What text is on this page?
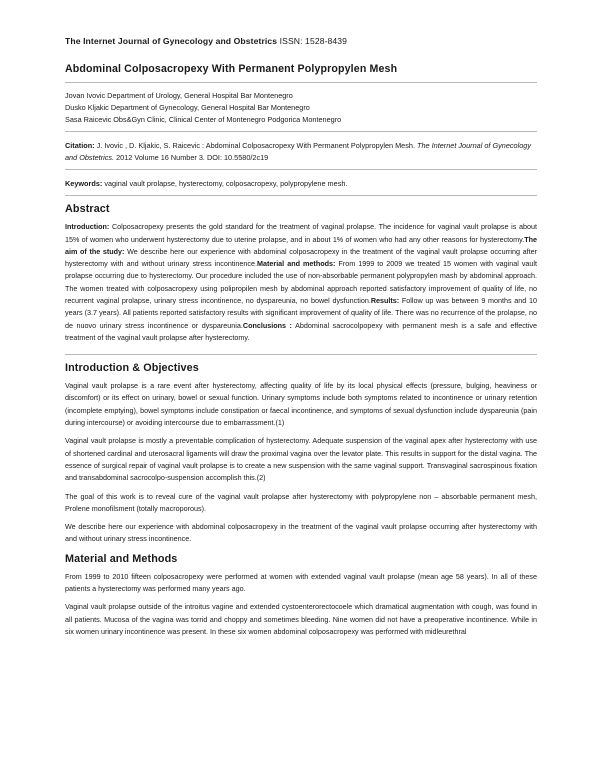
The Internet Journal of Gynecology and Obstetrics ISSN: 1528-8439
Abdominal Colposacropexy With Permanent Polypropylen Mesh
Jovan Ivovic Department of Urology, General Hospital Bar Montenegro
Dusko Kljakic Department of Gynecology, General Hospital Bar Montenegro
Sasa Raicevic Obs&Gyn Clinic, Clinical Center of Montenegro Podgorica Montenegro
Citation: J. Ivovic , D. Kljakic, S. Raicevic : Abdominal Colposacropexy With Permanent Polypropylen Mesh. The Internet Journal of Gynecology and Obstetrics. 2012 Volume 16 Number 3. DOI: 10.5580/2c19
Keywords: vaginal vault prolapse, hysterectomy, colposacropexy, polypropylene mesh.
Abstract

Introduction: Colposacropexy presents the gold standard for the treatment of vaginal prolapse. The incidence for vaginal vault prolapse is about 15% of women who underwent hysterectomy due to uterine prolapse, and in about 1% of women who had any other reasons for hysterectomy.The aim of the study: We describe here our experience with abdominal colposacropexy in the treatment of the vaginal vault prolapse occurring after hysterectomy with and without urinary stress incontinence.Material and methods: From 1999 to 2009 we treated 15 women with vaginal vault prolapse occurring due to hysterectomy. Our procedure included the use of non-absorbable permanent polypropylen mash by abdominal approach. The women treated with colposacropexy using polipropilen mesh by abdominal approach reported satisfactory improvement of quality of life, no recurrent vaginal prolapse, urinary stress incontinence, no dyspareunia, no bowel dysfunction.Results: Follow up was between 9 months and 10 years (3.7 years). All patients reported satisfactory results with significant improvement of quality of life. There was no recurrence of the prolapse, no de nuovo urinary stress incontinence or dyspareunia.Conclusions : Abdominal sacrocolpopexy with permanent mesh is a safe and effective treatment of the vaginal vault prolapse after hysterectomy.

Introduction & Objectives

Vaginal vault prolapse is a rare event after hysterectomy, affecting quality of life by its local physical effects (pressure, bulging, heaviness or discomfort) or its effect on urinary, bowel or sexual function. Urinary symptoms include both symptoms related to incontinence or urinary retention (incomplete emptying), bowel symptoms include constipation or faecal incontinence, and symptoms of sexual dysfunction include dyspareunia (pain during intercourse) or avoiding intercourse due to embarrassment.(1)

Vaginal vault prolapse is mostly a preventable complication of hysterectomy. Adequate suspension of the vaginal apex after hysterectomy with use of shortened cardinal and uterosacral ligaments will draw the proximal vagina over the levator plate. This results in support for the distal vagina. The essence of surgical repair of vaginal vault prolapse is to create a new suspension with the same vaginal support. Transvaginal sacrospinous fixation and transabdominal sacrocolpo-suspension accomplish this.(2)

The goal of this work is to reveal cure of the vaginal vault prolapse after hysterectomy with polypropylene non – absorbable permanent mesh, Prolene monofilsment (totally macroporous).

We describe here our experience with abdominal colposacropexy in the treatment of the vaginal vault prolapse occurring after hysterectomy with and without urinary stress incontinence.

Material and Methods

From 1999 to 2010 fifteen colposacropexy were performed at women with extended vaginal vault prolapse (mean age 58 years). In all of these patients a hysterectomy was performed many years ago.

Vaginal vault prolapse outside of the introitus vagine and extended cystoenterorectocoele which dramatical augmentation with cough, was found in all patients. Mucosa of the vagina was torrid and choppy and sometimes bleeding. Nine women did not have a preoperative incontinence. While in six women urinary incontinence was present. In these six women abdominal colposacropexy was performed with midleurethral
